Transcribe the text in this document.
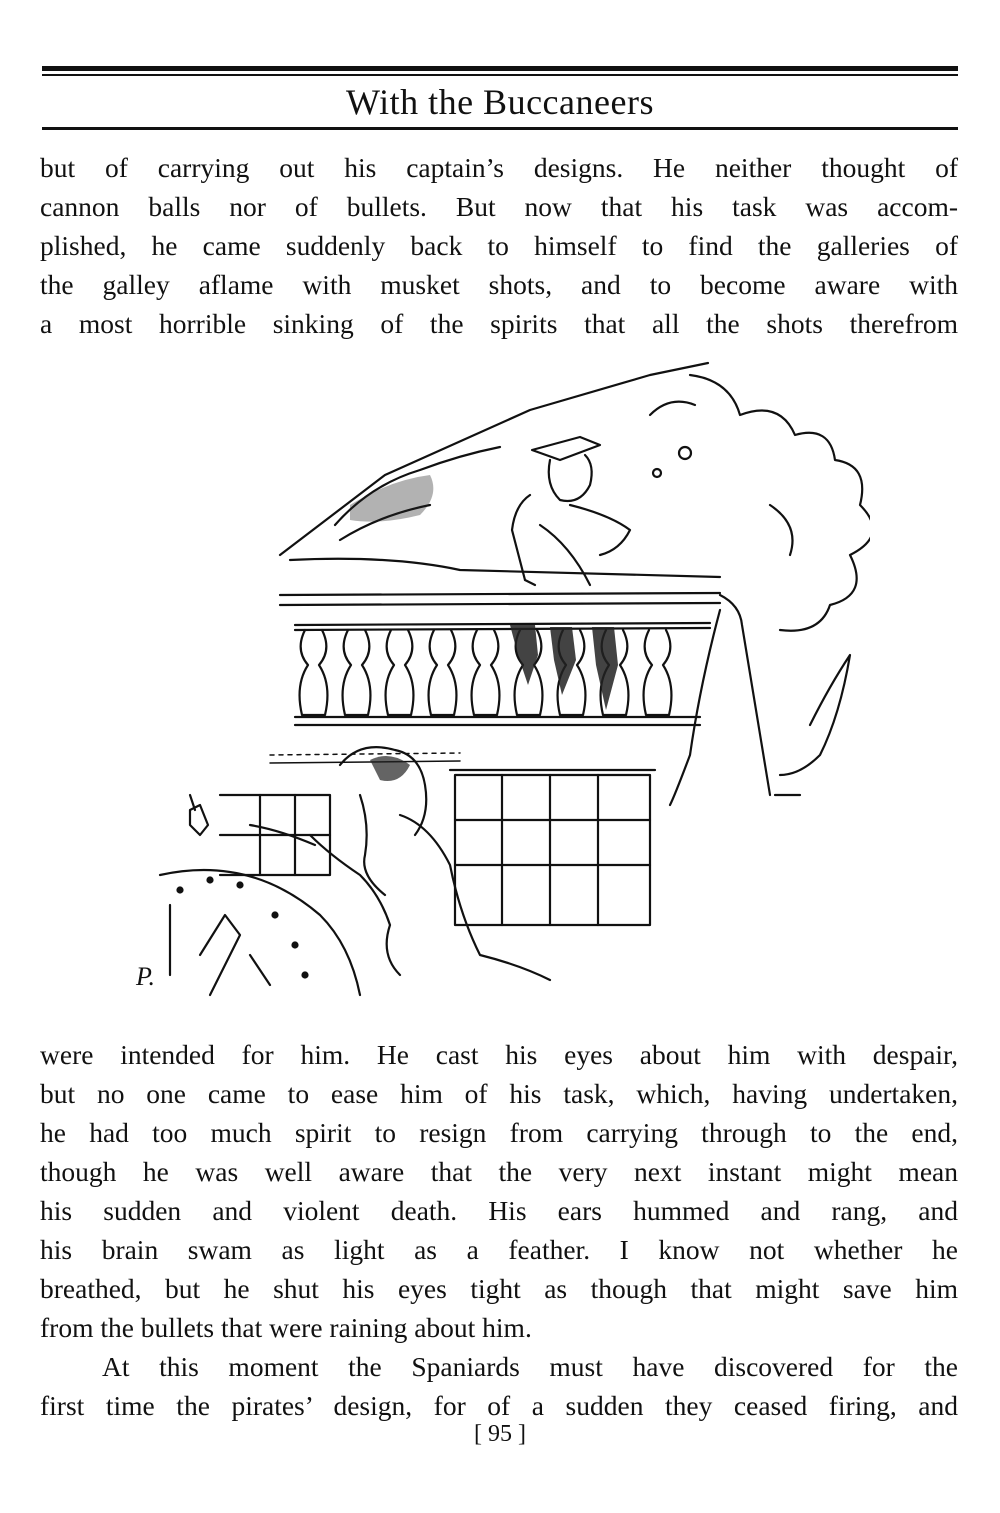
With the Buccaneers
but of carrying out his captain’s designs. He neither thought of
cannon balls nor of bullets. But now that his task was accom-
plished, he came suddenly back to himself to find the galleries of
the galley aflame with musket shots, and to become aware with
a most horrible sinking of the spirits that all the shots therefrom
P.
were intended for him. He cast his eyes about him with despair,
but no one came to ease him of his task, which, having undertaken,
he had too much spirit to resign from carrying through to the end,
though he was well aware that the very next instant might mean
his sudden and violent death. His ears hummed and rang, and
his brain swam as light as a feather. I know not whether he
breathed, but he shut his eyes tight as though that might save him
from the bullets that were raining about him.
At this moment the Spaniards must have discovered for the
first time the pirates’ design, for of a sudden they ceased firing, and
[ 95 ]
